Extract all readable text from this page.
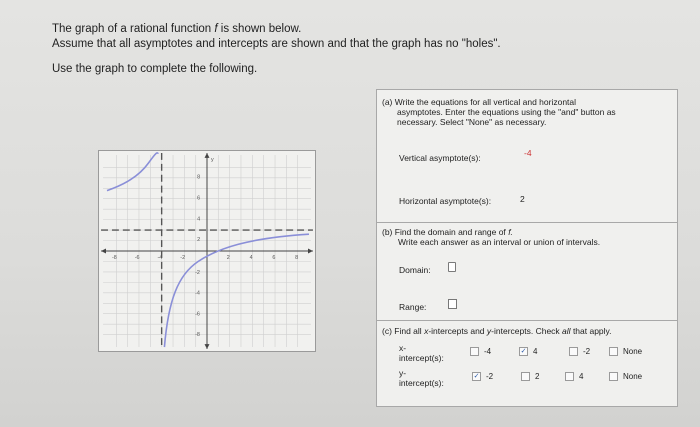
The graph of a rational function f is shown below.
Assume that all asymptotes and intercepts are shown and that the graph has no "holes".
Use the graph to complete the following.
y
8
6
4
2
-2
-4
-6
-8
-8	-6	-4	-2	2	4	6	8
(a) Write the equations for all vertical and horizontal
asymptotes. Enter the equations using the "and" button as
necessary. Select "None" as necessary.
Vertical asymptote(s):	-4
Horizontal asymptote(s):	2
(b) Find the domain and range of f.
Write each answer as an interval or union of intervals.
Domain:
Range:
(c) Find all x-intercepts and y-intercepts. Check all that apply.
x-
intercept(s):
-4	✓ 4	-2	None
y-
intercept(s):
✓ -2	2	4	None
